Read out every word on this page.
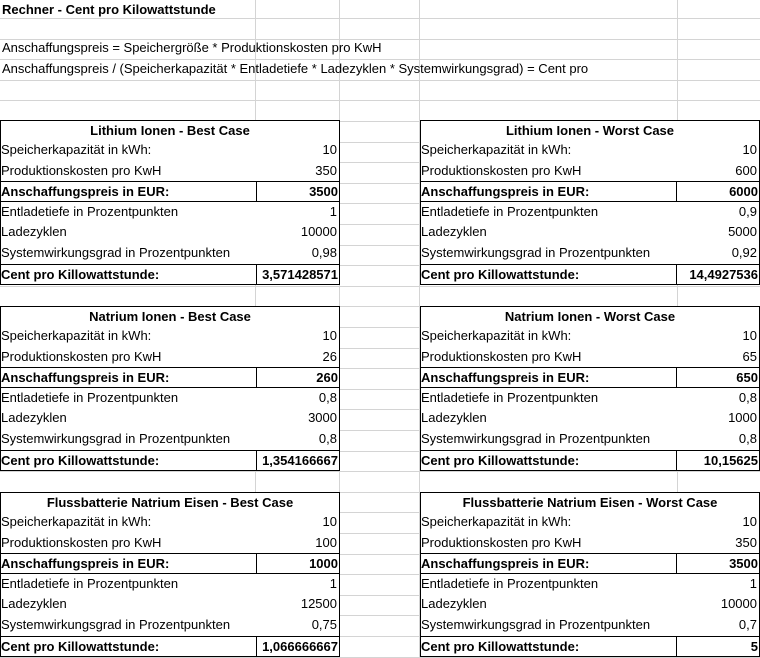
Rechner - Cent pro Kilowattstunde
Anschaffungspreis = Speichergröße * Produktionskosten pro KwH
Anschaffungspreis / (Speicherkapazität * Entladetiefe * Ladezyklen * Systemwirkungsgrad) = Cent pro
Lithium Ionen - Best Case
Speicherkapazität in kWh:	10
Produktionskosten pro KwH	350
Anschaffungspreis in EUR:	3500
Entladetiefe in Prozentpunkten	1
Ladezyklen	10000
Systemwirkungsgrad in Prozentpunkten	0,98
Cent pro Killowattstunde:	3,571428571
Lithium Ionen - Worst Case
Speicherkapazität in kWh:	10
Produktionskosten pro KwH	600
Anschaffungspreis in EUR:	6000
Entladetiefe in Prozentpunkten	0,9
Ladezyklen	5000
Systemwirkungsgrad in Prozentpunkten	0,92
Cent pro Killowattstunde:	14,4927536
Natrium Ionen - Best Case
Speicherkapazität in kWh:	10
Produktionskosten pro KwH	26
Anschaffungspreis in EUR:	260
Entladetiefe in Prozentpunkten	0,8
Ladezyklen	3000
Systemwirkungsgrad in Prozentpunkten	0,8
Cent pro Killowattstunde:	1,354166667
Natrium Ionen - Worst Case
Speicherkapazität in kWh:	10
Produktionskosten pro KwH	65
Anschaffungspreis in EUR:	650
Entladetiefe in Prozentpunkten	0,8
Ladezyklen	1000
Systemwirkungsgrad in Prozentpunkten	0,8
Cent pro Killowattstunde:	10,15625
Flussbatterie Natrium Eisen - Best Case
Speicherkapazität in kWh:	10
Produktionskosten pro KwH	100
Anschaffungspreis in EUR:	1000
Entladetiefe in Prozentpunkten	1
Ladezyklen	12500
Systemwirkungsgrad in Prozentpunkten	0,75
Cent pro Killowattstunde:	1,066666667
Flussbatterie Natrium Eisen - Worst Case
Speicherkapazität in kWh:	10
Produktionskosten pro KwH	350
Anschaffungspreis in EUR:	3500
Entladetiefe in Prozentpunkten	1
Ladezyklen	10000
Systemwirkungsgrad in Prozentpunkten	0,7
Cent pro Killowattstunde:	5
